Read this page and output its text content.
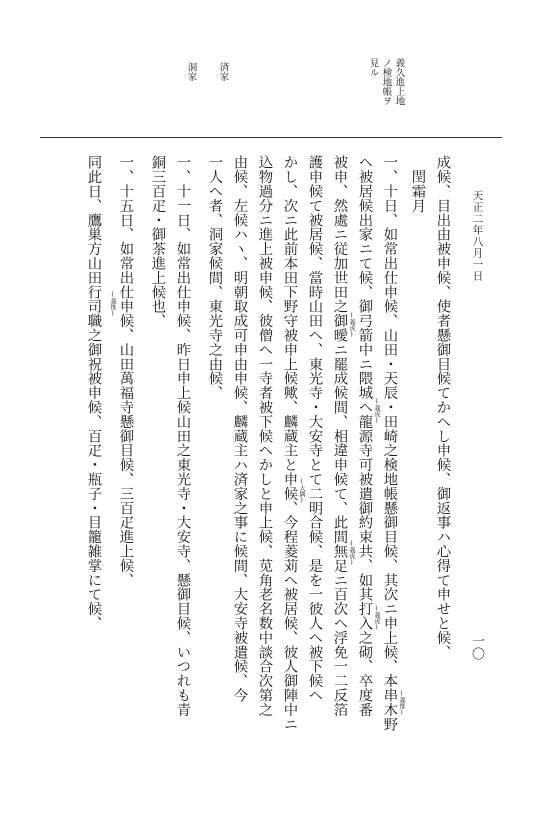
天正二年八月一日
一〇
義久進上地
ノ検地帳ヲ
見ル
済家
洞家
成候、目出由被申候、使者懸御目候てかへし申候、御返事ハ心得て申せと候、
　閏霜月
一、十日、如常出仕申候、山田・天辰・田崎之検地帳懸御目候、其次ニ申上候、本串木野
ヘ被居候出家ニて候、御弓箭中ニ隈城ヘ龍源寺可被遣御約束共、如其打入之砌、卒度番
被申、然處ニ従加世田之御曖ニ罷成候間、相違申候て、此間無足ニ百次ヘ浮免一二反箔
護申候て被居候、當時山田ヘ、東光寺・大安寺とて二明合候、是を一彼人ヘ被下候ヘ
かし、次ニ此前本田下野守被申上候歟、麟蔵主と申候、今程菱苅ヘ被居候、彼人御陣中ニ
込物過分ニ進上被申候、彼僧ヘ一寺者被下候ヘかしと申上候、苋角老名数中談合次第之
由候、左候ハヽ、明朝取成可申由申候、麟蔵主ハ済家之事に候間、大安寺被遣候、今
一人ヘ者、洞家候間、東光寺之由候、
一、十一日、如常出仕申候、昨日申上候山田之東光寺・大安寺、懸御目候、いつれも青
銅三百疋・御茶進上候也、
一、十五日、如常出仕申候、山田萬福寺懸御目候、三百疋進上候、
同此日、鷹巣方山田行司職之御祝被申候、百疋・瓶子・目籠雑掌にて候、
(義惟)
(義虎)
(義虎)
(義虎)
(義虎)
(大隅)
(義惟)
